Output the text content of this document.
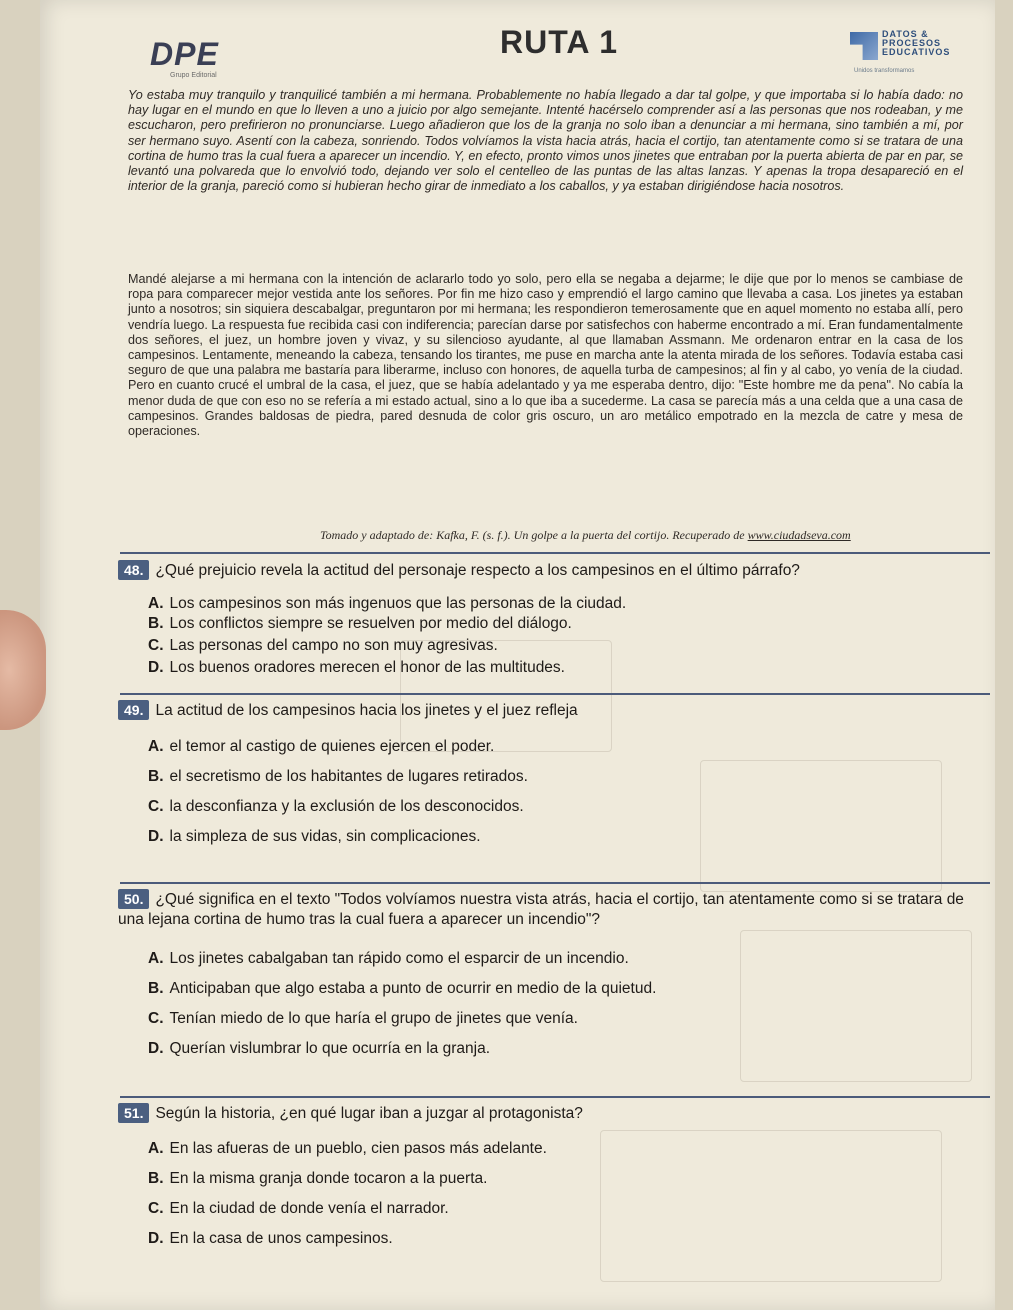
DPE
Grupo Editorial
RUTA 1	DATOS &
PROCESOS
EDUCATIVOS
Unidos transformamos
Yo estaba muy tranquilo y tranquilicé también a mi hermana. Probablemente no había llegado a dar tal golpe, y que importaba si lo había dado: no hay lugar en el mundo en que lo lleven a uno a juicio por algo semejante. Intenté hacérselo comprender así a las personas que nos rodeaban, y me escucharon, pero prefirieron no pronunciarse. Luego añadieron que los de la granja no solo iban a denunciar a mi hermana, sino también a mí, por ser hermano suyo. Asentí con la cabeza, sonriendo. Todos volvíamos la vista hacia atrás, hacia el cortijo, tan atentamente como si se tratara de una cortina de humo tras la cual fuera a aparecer un incendio. Y, en efecto, pronto vimos unos jinetes que entraban por la puerta abierta de par en par, se levantó una polvareda que lo envolvió todo, dejando ver solo el centelleo de las puntas de las altas lanzas. Y apenas la tropa desapareció en el interior de la granja, pareció como si hubieran hecho girar de inmediato a los caballos, y ya estaban dirigiéndose hacia nosotros.
Mandé alejarse a mi hermana con la intención de aclararlo todo yo solo, pero ella se negaba a dejarme; le dije que por lo menos se cambiase de ropa para comparecer mejor vestida ante los señores. Por fin me hizo caso y emprendió el largo camino que llevaba a casa. Los jinetes ya estaban junto a nosotros; sin siquiera descabalgar, preguntaron por mi hermana; les respondieron temerosamente que en aquel momento no estaba allí, pero vendría luego. La respuesta fue recibida casi con indiferencia; parecían darse por satisfechos con haberme encontrado a mí. Eran fundamentalmente dos señores, el juez, un hombre joven y vivaz, y su silencioso ayudante, al que llamaban Assmann. Me ordenaron entrar en la casa de los campesinos. Lentamente, meneando la cabeza, tensando los tirantes, me puse en marcha ante la atenta mirada de los señores. Todavía estaba casi seguro de que una palabra me bastaría para liberarme, incluso con honores, de aquella turba de campesinos; al fin y al cabo, yo venía de la ciudad. Pero en cuanto crucé el umbral de la casa, el juez, que se había adelantado y ya me esperaba dentro, dijo: "Este hombre me da pena". No cabía la menor duda de que con eso no se refería a mi estado actual, sino a lo que iba a sucederme. La casa se parecía más a una celda que a una casa de campesinos. Grandes baldosas de piedra, pared desnuda de color gris oscuro, un aro metálico empotrado en la mezcla de catre y mesa de operaciones.
Tomado y adaptado de: Kafka, F. (s. f.). Un golpe a la puerta del cortijo. Recuperado de www.ciudadseva.com
48. ¿Qué prejuicio revela la actitud del personaje respecto a los campesinos en el último párrafo?
A. Los campesinos son más ingenuos que las personas de la ciudad.
B. Los conflictos siempre se resuelven por medio del diálogo.
C. Las personas del campo no son muy agresivas.
D. Los buenos oradores merecen el honor de las multitudes.
49. La actitud de los campesinos hacia los jinetes y el juez refleja
A. el temor al castigo de quienes ejercen el poder.
B. el secretismo de los habitantes de lugares retirados.
C. la desconfianza y la exclusión de los desconocidos.
D. la simpleza de sus vidas, sin complicaciones.
50. ¿Qué significa en el texto "Todos volvíamos nuestra vista atrás, hacia el cortijo, tan atentamente como si se tratara de una lejana cortina de humo tras la cual fuera a aparecer un incendio"?
A. Los jinetes cabalgaban tan rápido como el esparcir de un incendio.
B. Anticipaban que algo estaba a punto de ocurrir en medio de la quietud.
C. Tenían miedo de lo que haría el grupo de jinetes que venía.
D. Querían vislumbrar lo que ocurría en la granja.
51. Según la historia, ¿en qué lugar iban a juzgar al protagonista?
A. En las afueras de un pueblo, cien pasos más adelante.
B. En la misma granja donde tocaron a la puerta.
C. En la ciudad de donde venía el narrador.
D. En la casa de unos campesinos.
